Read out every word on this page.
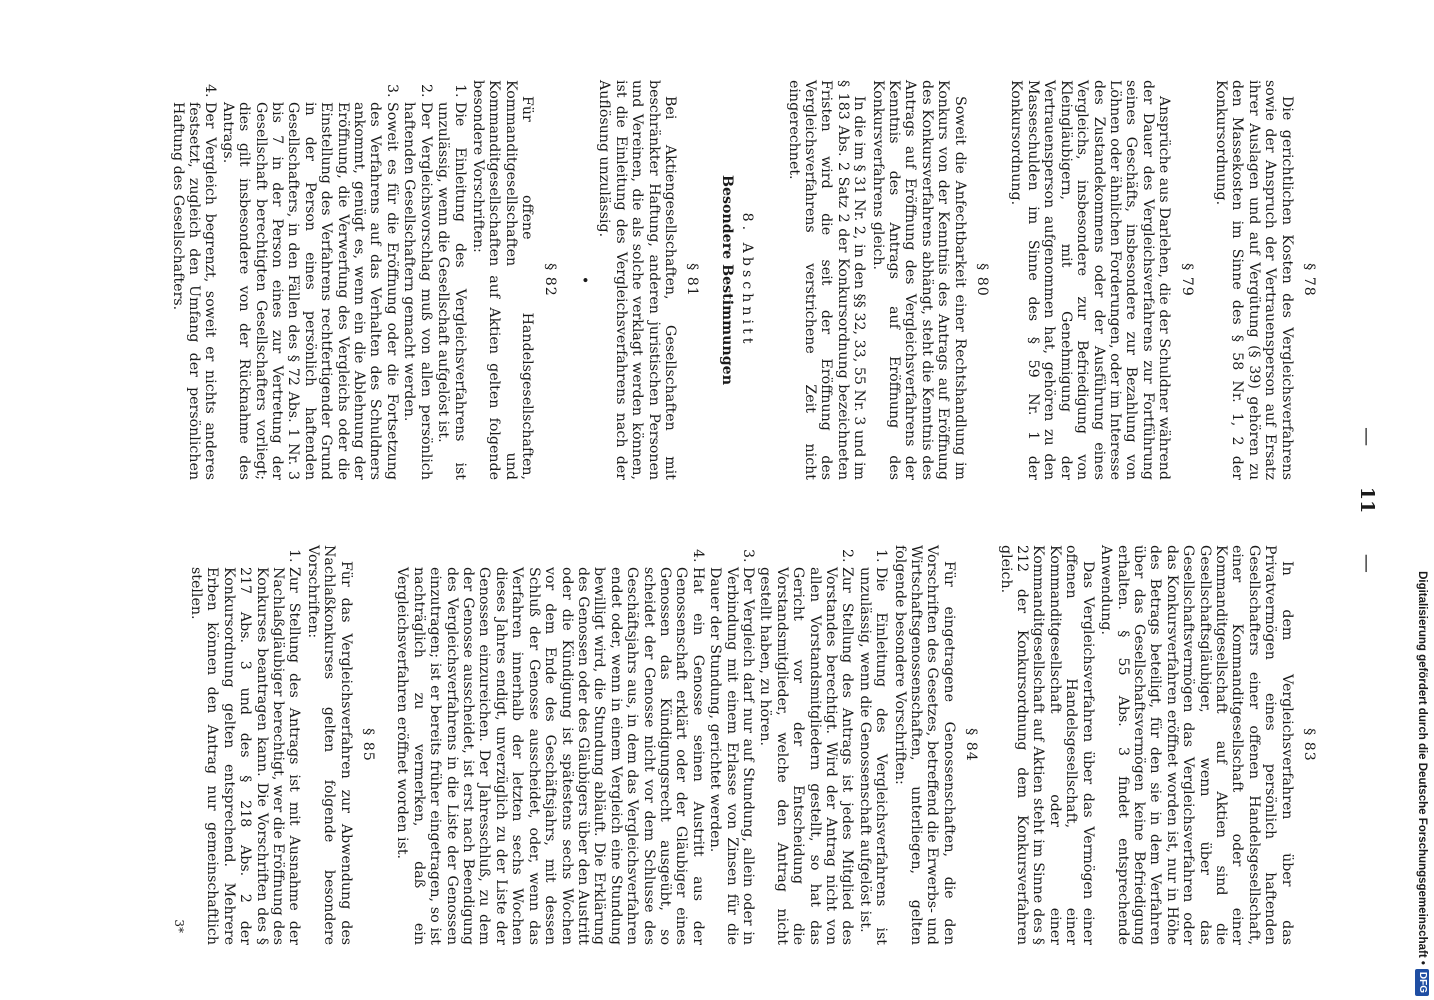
— 11 —
§ 78
Die gerichtlichen Kosten des Vergleichsverfahrens sowie der Anspruch der Vertrauensperson auf Ersatz ihrer Auslagen und auf Vergütung (§ 39) gehören zu den Massekosten im Sinne des § 58 Nr. 1, 2 der Konkursordnung.
§ 79
Ansprüche aus Darlehen, die der Schuldner während der Dauer des Vergleichsverfahrens zur Fortführung seines Geschäfts, insbesondere zur Bezahlung von Löhnen oder ähnlichen Forderungen, oder im Interesse des Zustandekommens oder der Ausführung eines Vergleichs, insbesondere zur Befriedigung von Kleingläubigern, mit Genehmigung der Vertrauensperson aufgenommen hat, gehören zu den Masseschulden im Sinne des § 59 Nr. 1 der Konkursordnung.
§ 80
Soweit die Anfechtbarkeit einer Rechtshandlung im Konkurs von der Kenntnis des Antrags auf Eröffnung des Konkursverfahrens abhängt, steht die Kenntnis des Antrags auf Eröffnung des Vergleichsverfahrens der Kenntnis des Antrags auf Eröffnung des Konkursverfahrens gleich.
In die im § 31 Nr. 2, in den §§ 32, 33, 55 Nr. 3 und im § 183 Abs. 2 Satz 2 der Konkursordnung bezeichneten Fristen wird die seit der Eröffnung des Vergleichsverfahrens verstrichene Zeit nicht eingerechnet.
8. Abschnitt
Besondere Bestimmungen
§ 81
Bei Aktiengesellschaften, Gesellschaften mit beschränkter Haftung, anderen juristischen Personen und Vereinen, die als solche verklagt werden können, ist die Einleitung des Vergleichsverfahrens nach der Auflösung unzulässig.
•
§ 82
Für offene Handelsgesellschaften, Kommanditgesellschaften und Kommanditgesellschaften auf Aktien gelten folgende besondere Vorschriften:
1. Die Einleitung des Vergleichsverfahrens ist unzulässig, wenn die Gesellschaft aufgelöst ist.
2. Der Vergleichsvorschlag muß von allen persönlich haftenden Gesellschaftern gemacht werden.
3. Soweit es für die Eröffnung oder die Fortsetzung des Verfahrens auf das Verhalten des Schuldners ankommt, genügt es, wenn ein die Ablehnung der Eröffnung, die Verwerfung des Vergleichs oder die Einstellung des Verfahrens rechtfertigender Grund in der Person eines persönlich haftenden Gesellschafters, in den Fällen des § 72 Abs. 1 Nr. 3 bis 7 in der Person eines zur Vertretung der Gesellschaft berechtigten Gesellschafters vorliegt; dies gilt insbesondere von der Rücknahme des Antrags.
4. Der Vergleich begrenzt, soweit er nichts anderes festsetzt, zugleich den Umfang der persönlichen Haftung des Gesellschafters.
§ 83
In dem Vergleichsverfahren über das Privatvermögen eines persönlich haftenden Gesellschafters einer offenen Handelsgesellschaft, einer Kommanditgesellschaft oder einer Kommanditgesellschaft auf Aktien sind die Gesellschaftsgläubiger, wenn über das Gesellschaftsvermögen das Vergleichsverfahren oder das Konkursverfahren eröffnet worden ist, nur in Höhe des Betrags beteiligt, für den sie in dem Verfahren über das Gesellschaftsvermögen keine Befriedigung erhalten. § 55 Abs. 3 findet entsprechende Anwendung.
Das Vergleichsverfahren über das Vermögen einer offenen Handelsgesellschaft, einer Kommanditgesellschaft oder einer Kommanditgesellschaft auf Aktien steht im Sinne des § 212 der Konkursordnung dem Konkursverfahren gleich.
§ 84
Für eingetragene Genossenschaften, die den Vorschriften des Gesetzes, betreffend die Erwerbs- und Wirtschaftsgenossenschaften, unterliegen, gelten folgende besondere Vorschriften:
1. Die Einleitung des Vergleichsverfahrens ist unzulässig, wenn die Genossenschaft aufgelöst ist.
2. Zur Stellung des Antrags ist jedes Mitglied des Vorstandes berechtigt. Wird der Antrag nicht von allen Vorstandsmitgliedern gestellt, so hat das Gericht vor der Entscheidung die Vorstandsmitglieder, welche den Antrag nicht gestellt haben, zu hören.
3. Der Vergleich darf nur auf Stundung, allein oder in Verbindung mit einem Erlasse von Zinsen für die Dauer der Stundung, gerichtet werden.
4. Hat ein Genosse seinen Austritt aus der Genossenschaft erklärt oder der Gläubiger eines Genossen das Kündigungsrecht ausgeübt, so scheidet der Genosse nicht vor dem Schlusse des Geschäftsjahrs aus, in dem das Vergleichsverfahren endet oder, wenn in einem Vergleich eine Stundung bewilligt wird, die Stundung abläuft. Die Erklärung des Genossen oder des Gläubigers über den Austritt oder die Kündigung ist spätestens sechs Wochen vor dem Ende des Geschäftsjahrs, mit dessen Schluß der Genosse ausscheidet, oder, wenn das Verfahren innerhalb der letzten sechs Wochen dieses Jahres endigt, unverzüglich zu der Liste der Genossen einzureichen. Der Jahresschluß, zu dem der Genosse ausscheidet, ist erst nach Beendigung des Vergleichsverfahrens in die Liste der Genossen einzutragen; ist er bereits früher eingetragen, so ist nachträglich zu vermerken, daß ein Vergleichsverfahren eröffnet worden ist.
§ 85
Für das Vergleichsverfahren zur Abwendung des Nachlaßkonkurses gelten folgende besondere Vorschriften:
1. Zur Stellung des Antrags ist mit Ausnahme der Nachlaßgläubiger berechtigt, wer die Eröffnung des Konkurses beantragen kann. Die Vorschriften des § 217 Abs. 3 und des § 218 Abs. 2 der Konkursordnung gelten entsprechend. Mehrere Erben können den Antrag nur gemeinschaftlich stellen.
3*	Digitalisierung gefördert durch die Deutsche Forschungsgemeinschaft •
DFG
